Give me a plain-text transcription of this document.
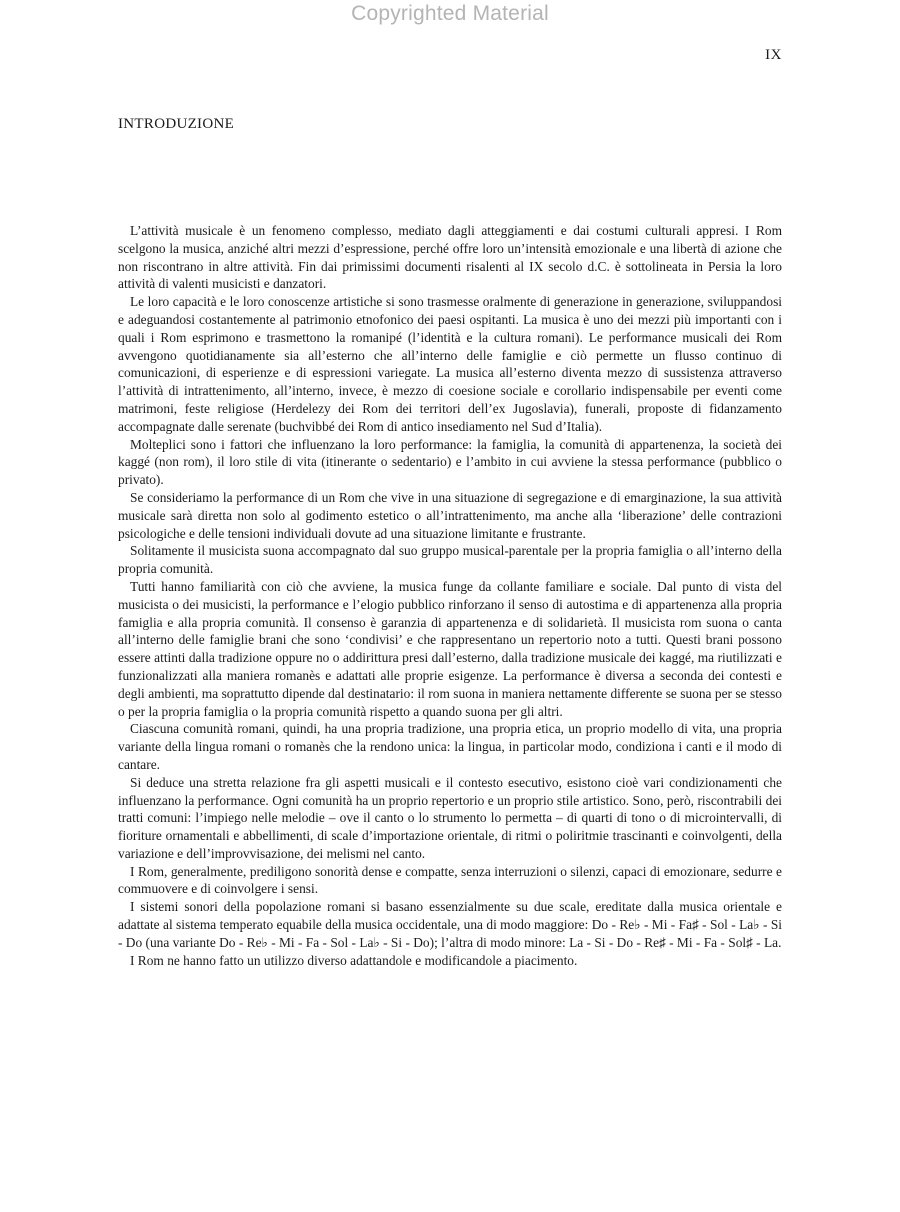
Copyrighted Material
IX
INTRODUZIONE

L’attività musicale è un fenomeno complesso, mediato dagli atteggiamenti e dai costumi culturali appresi. I Rom scelgono la musica, anziché altri mezzi d’espressione, perché offre loro un’intensità emozionale e una libertà di azione che non riscontrano in altre attività. Fin dai primissimi documenti risalenti al IX secolo d.C. è sottolineata in Persia la loro attività di valenti musicisti e danzatori.

Le loro capacità e le loro conoscenze artistiche si sono trasmesse oralmente di generazione in generazione, sviluppandosi e adeguandosi costantemente al patrimonio etnofonico dei paesi ospitanti. La musica è uno dei mezzi più importanti con i quali i Rom esprimono e trasmettono la romanipé (l’identità e la cultura romani). Le performance musicali dei Rom avvengono quotidianamente sia all’esterno che all’interno delle famiglie e ciò permette un flusso continuo di comunicazioni, di esperienze e di espressioni variegate. La musica all’esterno diventa mezzo di sussistenza attraverso l’attività di intrattenimento, all’interno, invece, è mezzo di coesione sociale e corollario indispensabile per eventi come matrimoni, feste religiose (Herdelezy dei Rom dei territori dell’ex Jugoslavia), funerali, proposte di fidanzamento accompagnate dalle serenate (buchvibbé dei Rom di antico insediamento nel Sud d’Italia).

Molteplici sono i fattori che influenzano la loro performance: la famiglia, la comunità di appartenenza, la società dei kaggé (non rom), il loro stile di vita (itinerante o sedentario) e l’ambito in cui avviene la stessa performance (pubblico o privato).

Se consideriamo la performance di un Rom che vive in una situazione di segregazione e di emarginazione, la sua attività musicale sarà diretta non solo al godimento estetico o all’intrattenimento, ma anche alla ‘liberazione’ delle contrazioni psicologiche e delle tensioni individuali dovute ad una situazione limitante e frustrante.

Solitamente il musicista suona accompagnato dal suo gruppo musical-parentale per la propria famiglia o all’interno della propria comunità.

Tutti hanno familiarità con ciò che avviene, la musica funge da collante familiare e sociale. Dal punto di vista del musicista o dei musicisti, la performance e l’elogio pubblico rinforzano il senso di autostima e di appartenenza alla propria famiglia e alla propria comunità. Il consenso è garanzia di appartenenza e di solidarietà. Il musicista rom suona o canta all’interno delle famiglie brani che sono ‘condivisi’ e che rappresentano un repertorio noto a tutti. Questi brani possono essere attinti dalla tradizione oppure no o addirittura presi dall’esterno, dalla tradizione musicale dei kaggé, ma riutilizzati e funzionalizzati alla maniera romanès e adattati alle proprie esigenze. La performance è diversa a seconda dei contesti e degli ambienti, ma soprattutto dipende dal destinatario: il rom suona in maniera nettamente differente se suona per se stesso o per la propria famiglia o la propria comunità rispetto a quando suona per gli altri.

Ciascuna comunità romani, quindi, ha una propria tradizione, una propria etica, un proprio modello di vita, una propria variante della lingua romani o romanès che la rendono unica: la lingua, in particolar modo, condiziona i canti e il modo di cantare.

Si deduce una stretta relazione fra gli aspetti musicali e il contesto esecutivo, esistono cioè vari condizionamenti che influenzano la performance. Ogni comunità ha un proprio repertorio e un proprio stile artistico. Sono, però, riscontrabili dei tratti comuni: l’impiego nelle melodie – ove il canto o lo strumento lo permetta – di quarti di tono o di microintervalli, di fioriture ornamentali e abbellimenti, di scale d’importazione orientale, di ritmi o poliritmie trascinanti e coinvolgenti, della variazione e dell’improvvisazione, dei melismi nel canto.

I Rom, generalmente, prediligono sonorità dense e compatte, senza interruzioni o silenzi, capaci di emozionare, sedurre e commuovere e di coinvolgere i sensi.

I sistemi sonori della popolazione romani si basano essenzialmente su due scale, ereditate dalla musica orientale e adattate al sistema temperato equabile della musica occidentale, una di modo maggiore: Do - Re♭ - Mi - Fa♯ - Sol - La♭ - Si - Do (una variante Do - Re♭ - Mi - Fa - Sol - La♭ - Si - Do); l’altra di modo minore: La - Si - Do - Re♯ - Mi - Fa - Sol♯ - La.

I Rom ne hanno fatto un utilizzo diverso adattandole e modificandole a piacimento.
